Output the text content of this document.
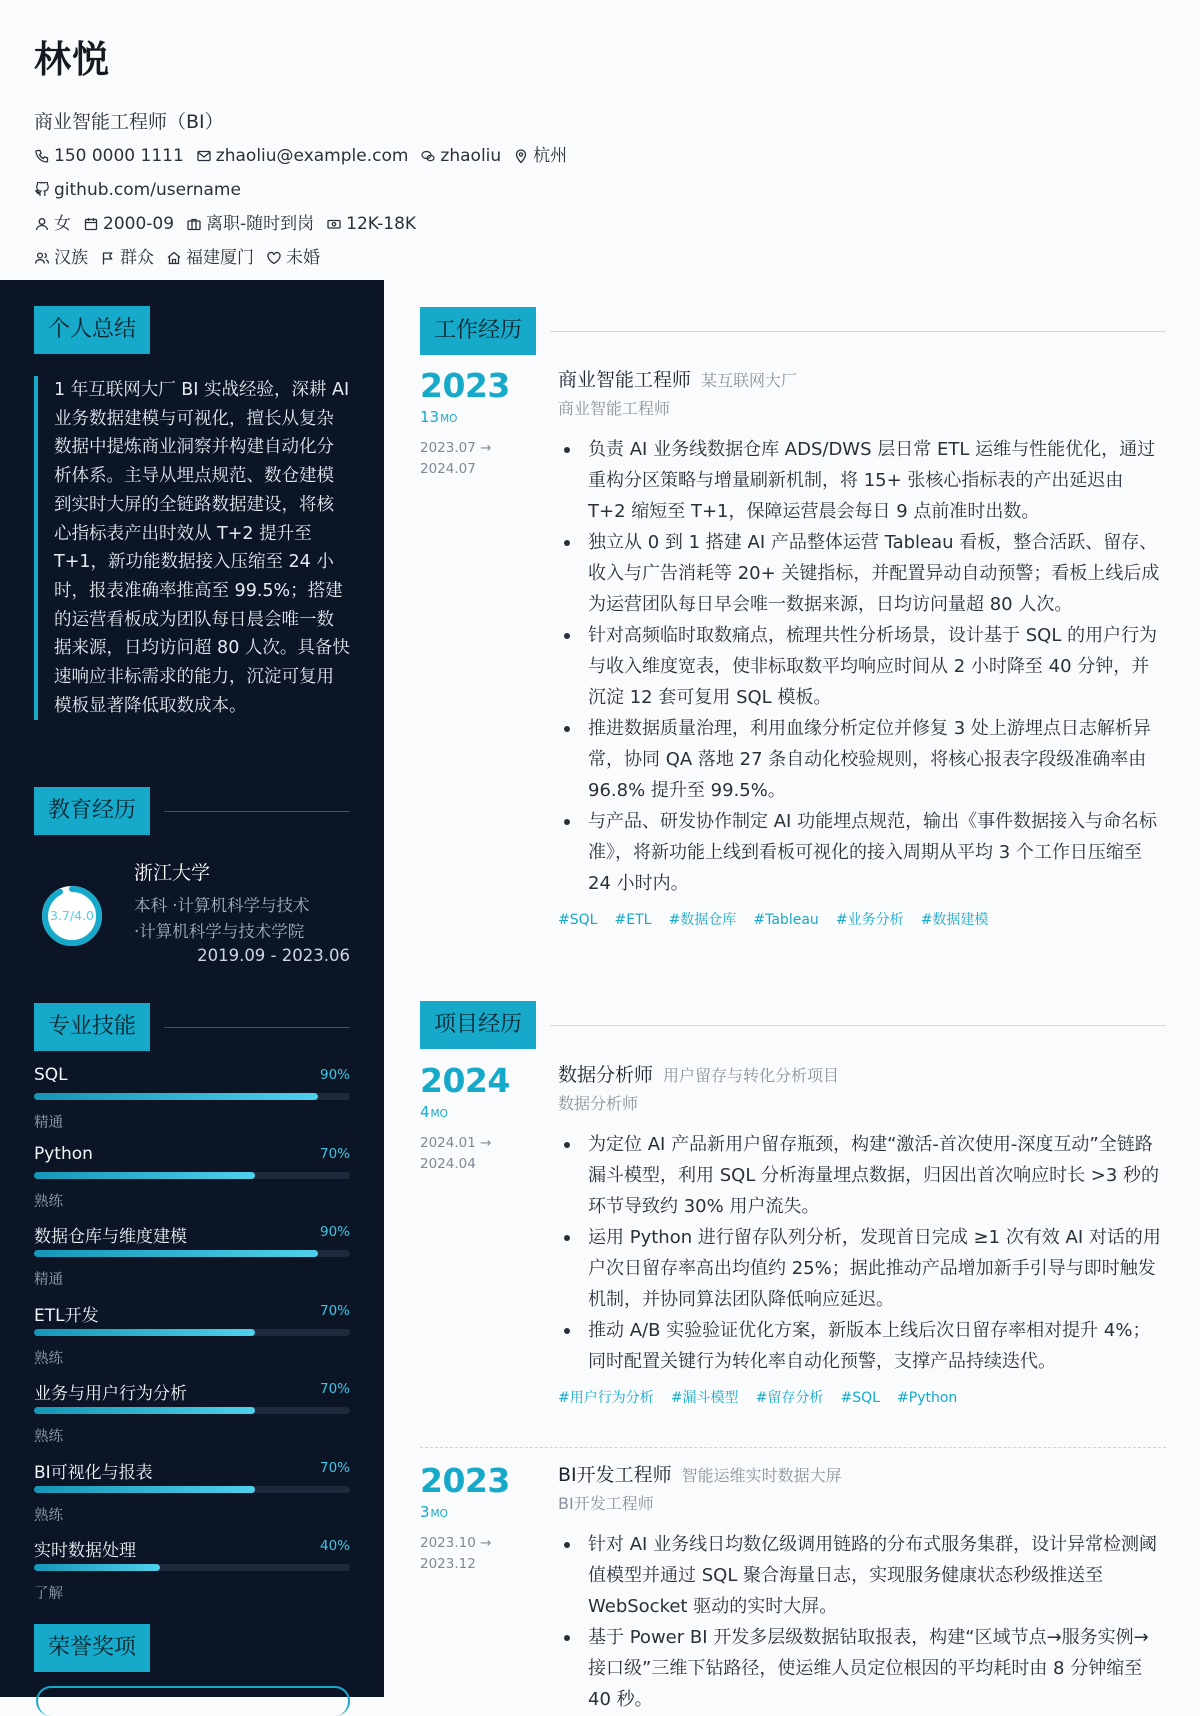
林悦
商业智能工程师（BI）
150 0000 1111 zhaoliu@example.com zhaoliu 杭州
github.com/username
女 2000-09 离职-随时到岗 12K-18K
汉族 群众 福建厦门 未婚
个人总结
1 年互联网大厂 BI 实战经验，深耕 AI 业务数据建模与可视化，擅长从复杂数据中提炼商业洞察并构建自动化分析体系。主导从埋点规范、数仓建模到实时大屏的全链路数据建设，将核心指标表产出时效从 T+2 提升至 T+1，新功能数据接入压缩至 24 小时，报表准确率推高至 99.5%；搭建的运营看板成为团队每日晨会唯一数据来源，日均访问超 80 人次。具备快速响应非标需求的能力，沉淀可复用模板显著降低取数成本。
教育经历
3.7/4.0
浙江大学
本科 ·计算机科学与技术
·计算机科学与技术学院
2019.09 - 2023.06
专业技能
SQL	90%
精通
Python	70%
熟练
数据仓库与维度建模	90%
精通
ETL开发	70%
熟练
业务与用户行为分析	70%
熟练
BI可视化与报表	70%
熟练
实时数据处理	40%
了解
荣誉奖项
工作经历
2023
13MO
2023.07 →
2024.07
商业智能工程师 某互联网大厂
商业智能工程师
负责 AI 业务线数据仓库 ADS/DWS 层日常 ETL 运维与性能优化，通过重构分区策略与增量刷新机制，将 15+ 张核心指标表的产出延迟由 T+2 缩短至 T+1，保障运营晨会每日 9 点前准时出数。
独立从 0 到 1 搭建 AI 产品整体运营 Tableau 看板，整合活跃、留存、收入与广告消耗等 20+ 关键指标，并配置异动自动预警；看板上线后成为运营团队每日早会唯一数据来源，日均访问量超 80 人次。
针对高频临时取数痛点，梳理共性分析场景，设计基于 SQL 的用户行为与收入维度宽表，使非标取数平均响应时间从 2 小时降至 40 分钟，并沉淀 12 套可复用 SQL 模板。
推进数据质量治理，利用血缘分析定位并修复 3 处上游埋点日志解析异常，协同 QA 落地 27 条自动化校验规则，将核心报表字段级准确率由 96.8% 提升至 99.5%。
与产品、研发协作制定 AI 功能埋点规范，输出《事件数据接入与命名标准》，将新功能上线到看板可视化的接入周期从平均 3 个工作日压缩至 24 小时内。
#SQL #ETL #数据仓库 #Tableau #业务分析 #数据建模
项目经历
2024
4MO
2024.01 →
2024.04
数据分析师 用户留存与转化分析项目
数据分析师
为定位 AI 产品新用户留存瓶颈，构建“激活-首次使用-深度互动”全链路漏斗模型，利用 SQL 分析海量埋点数据，归因出首次响应时长 >3 秒的环节导致约 30% 用户流失。
运用 Python 进行留存队列分析，发现首日完成 ≥1 次有效 AI 对话的用户次日留存率高出均值约 25%；据此推动产品增加新手引导与即时触发机制，并协同算法团队降低响应延迟。
推动 A/B 实验验证优化方案，新版本上线后次日留存率相对提升 4%；同时配置关键行为转化率自动化预警，支撑产品持续迭代。
#用户行为分析 #漏斗模型 #留存分析 #SQL #Python
2023
3MO
2023.10 →
2023.12
BI开发工程师 智能运维实时数据大屏
BI开发工程师
针对 AI 业务线日均数亿级调用链路的分布式服务集群，设计异常检测阈值模型并通过 SQL 聚合海量日志，实现服务健康状态秒级推送至 WebSocket 驱动的实时大屏。
基于 Power BI 开发多层级数据钻取报表，构建“区域节点→服务实例→接口级”三维下钻路径，使运维人员定位根因的平均耗时由 8 分钟缩至 40 秒。
